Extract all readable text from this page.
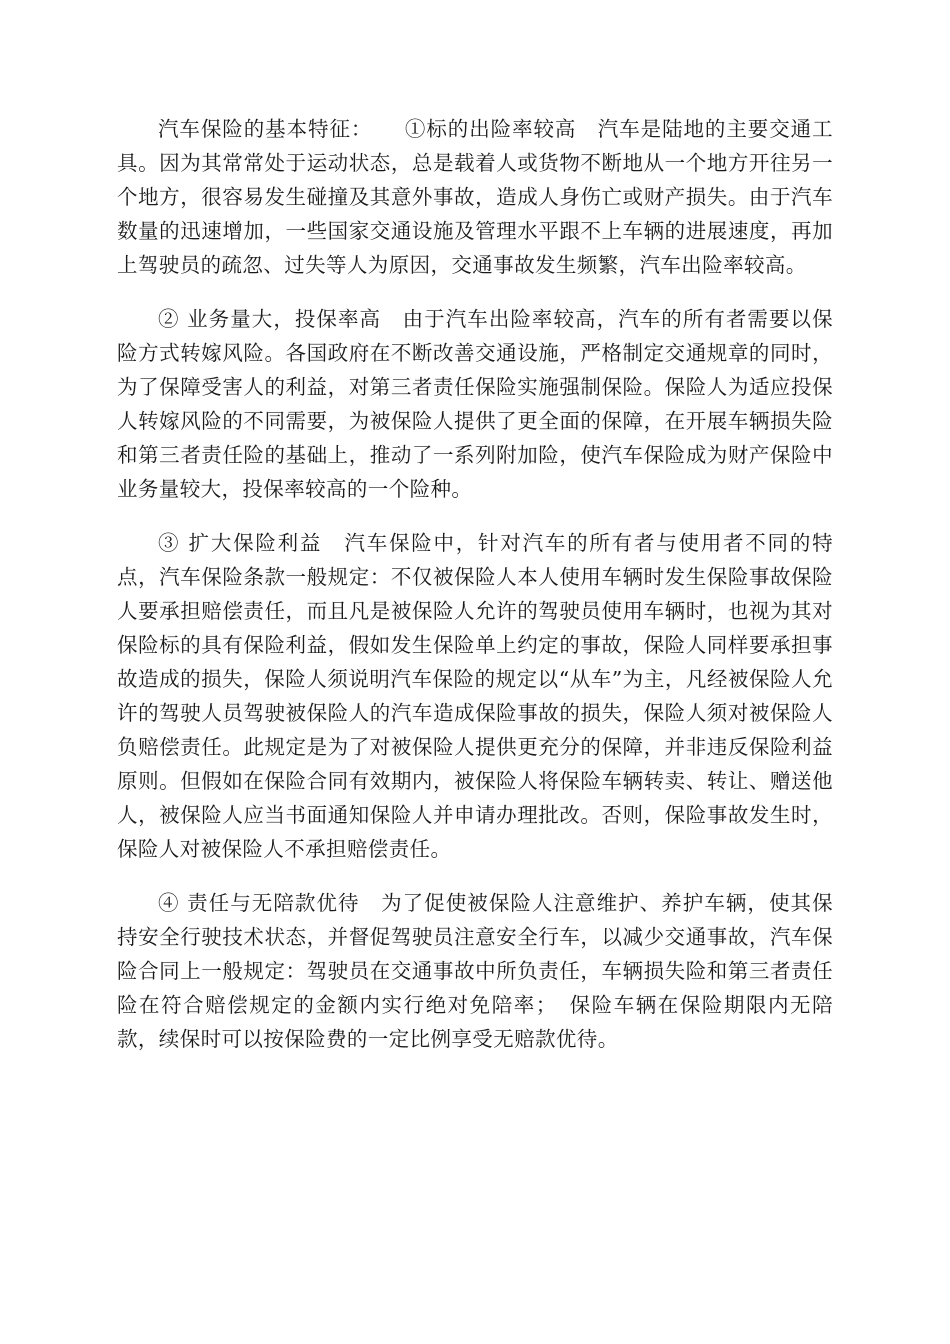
汽车保险的基本特征：　　①标的出险率较高　汽车是陆地的主要交通工具。因为其常常处于运动状态，总是载着人或货物不断地从一个地方开往另一个地方，很容易发生碰撞及其意外事故，造成人身伤亡或财产损失。由于汽车数量的迅速增加，一些国家交通设施及管理水平跟不上车辆的进展速度，再加上驾驶员的疏忽、过失等人为原因，交通事故发生频繁，汽车出险率较高。

② 业务量大，投保率高　由于汽车出险率较高，汽车的所有者需要以保险方式转嫁风险。各国政府在不断改善交通设施，严格制定交通规章的同时，为了保障受害人的利益，对第三者责任保险实施强制保险。保险人为适应投保人转嫁风险的不同需要，为被保险人提供了更全面的保障，在开展车辆损失险和第三者责任险的基础上，推动了一系列附加险，使汽车保险成为财产保险中业务量较大，投保率较高的一个险种。

③ 扩大保险利益　汽车保险中，针对汽车的所有者与使用者不同的特点，汽车保险条款一般规定：不仅被保险人本人使用车辆时发生保险事故保险人要承担赔偿责任，而且凡是被保险人允许的驾驶员使用车辆时，也视为其对保险标的具有保险利益，假如发生保险单上约定的事故，保险人同样要承担事故造成的损失，保险人须说明汽车保险的规定以“从车”为主，凡经被保险人允许的驾驶人员驾驶被保险人的汽车造成保险事故的损失，保险人须对被保险人负赔偿责任。此规定是为了对被保险人提供更充分的保障，并非违反保险利益原则。但假如在保险合同有效期内，被保险人将保险车辆转卖、转让、赠送他人，被保险人应当书面通知保险人并申请办理批改。否则，保险事故发生时，保险人对被保险人不承担赔偿责任。

④ 责任与无陪款优待　为了促使被保险人注意维护、养护车辆，使其保持安全行驶技术状态，并督促驾驶员注意安全行车，以减少交通事故，汽车保险合同上一般规定：驾驶员在交通事故中所负责任，车辆损失险和第三者责任险在符合赔偿规定的金额内实行绝对免陪率；　保险车辆在保险期限内无陪款，续保时可以按保险费的一定比例享受无赔款优待。
